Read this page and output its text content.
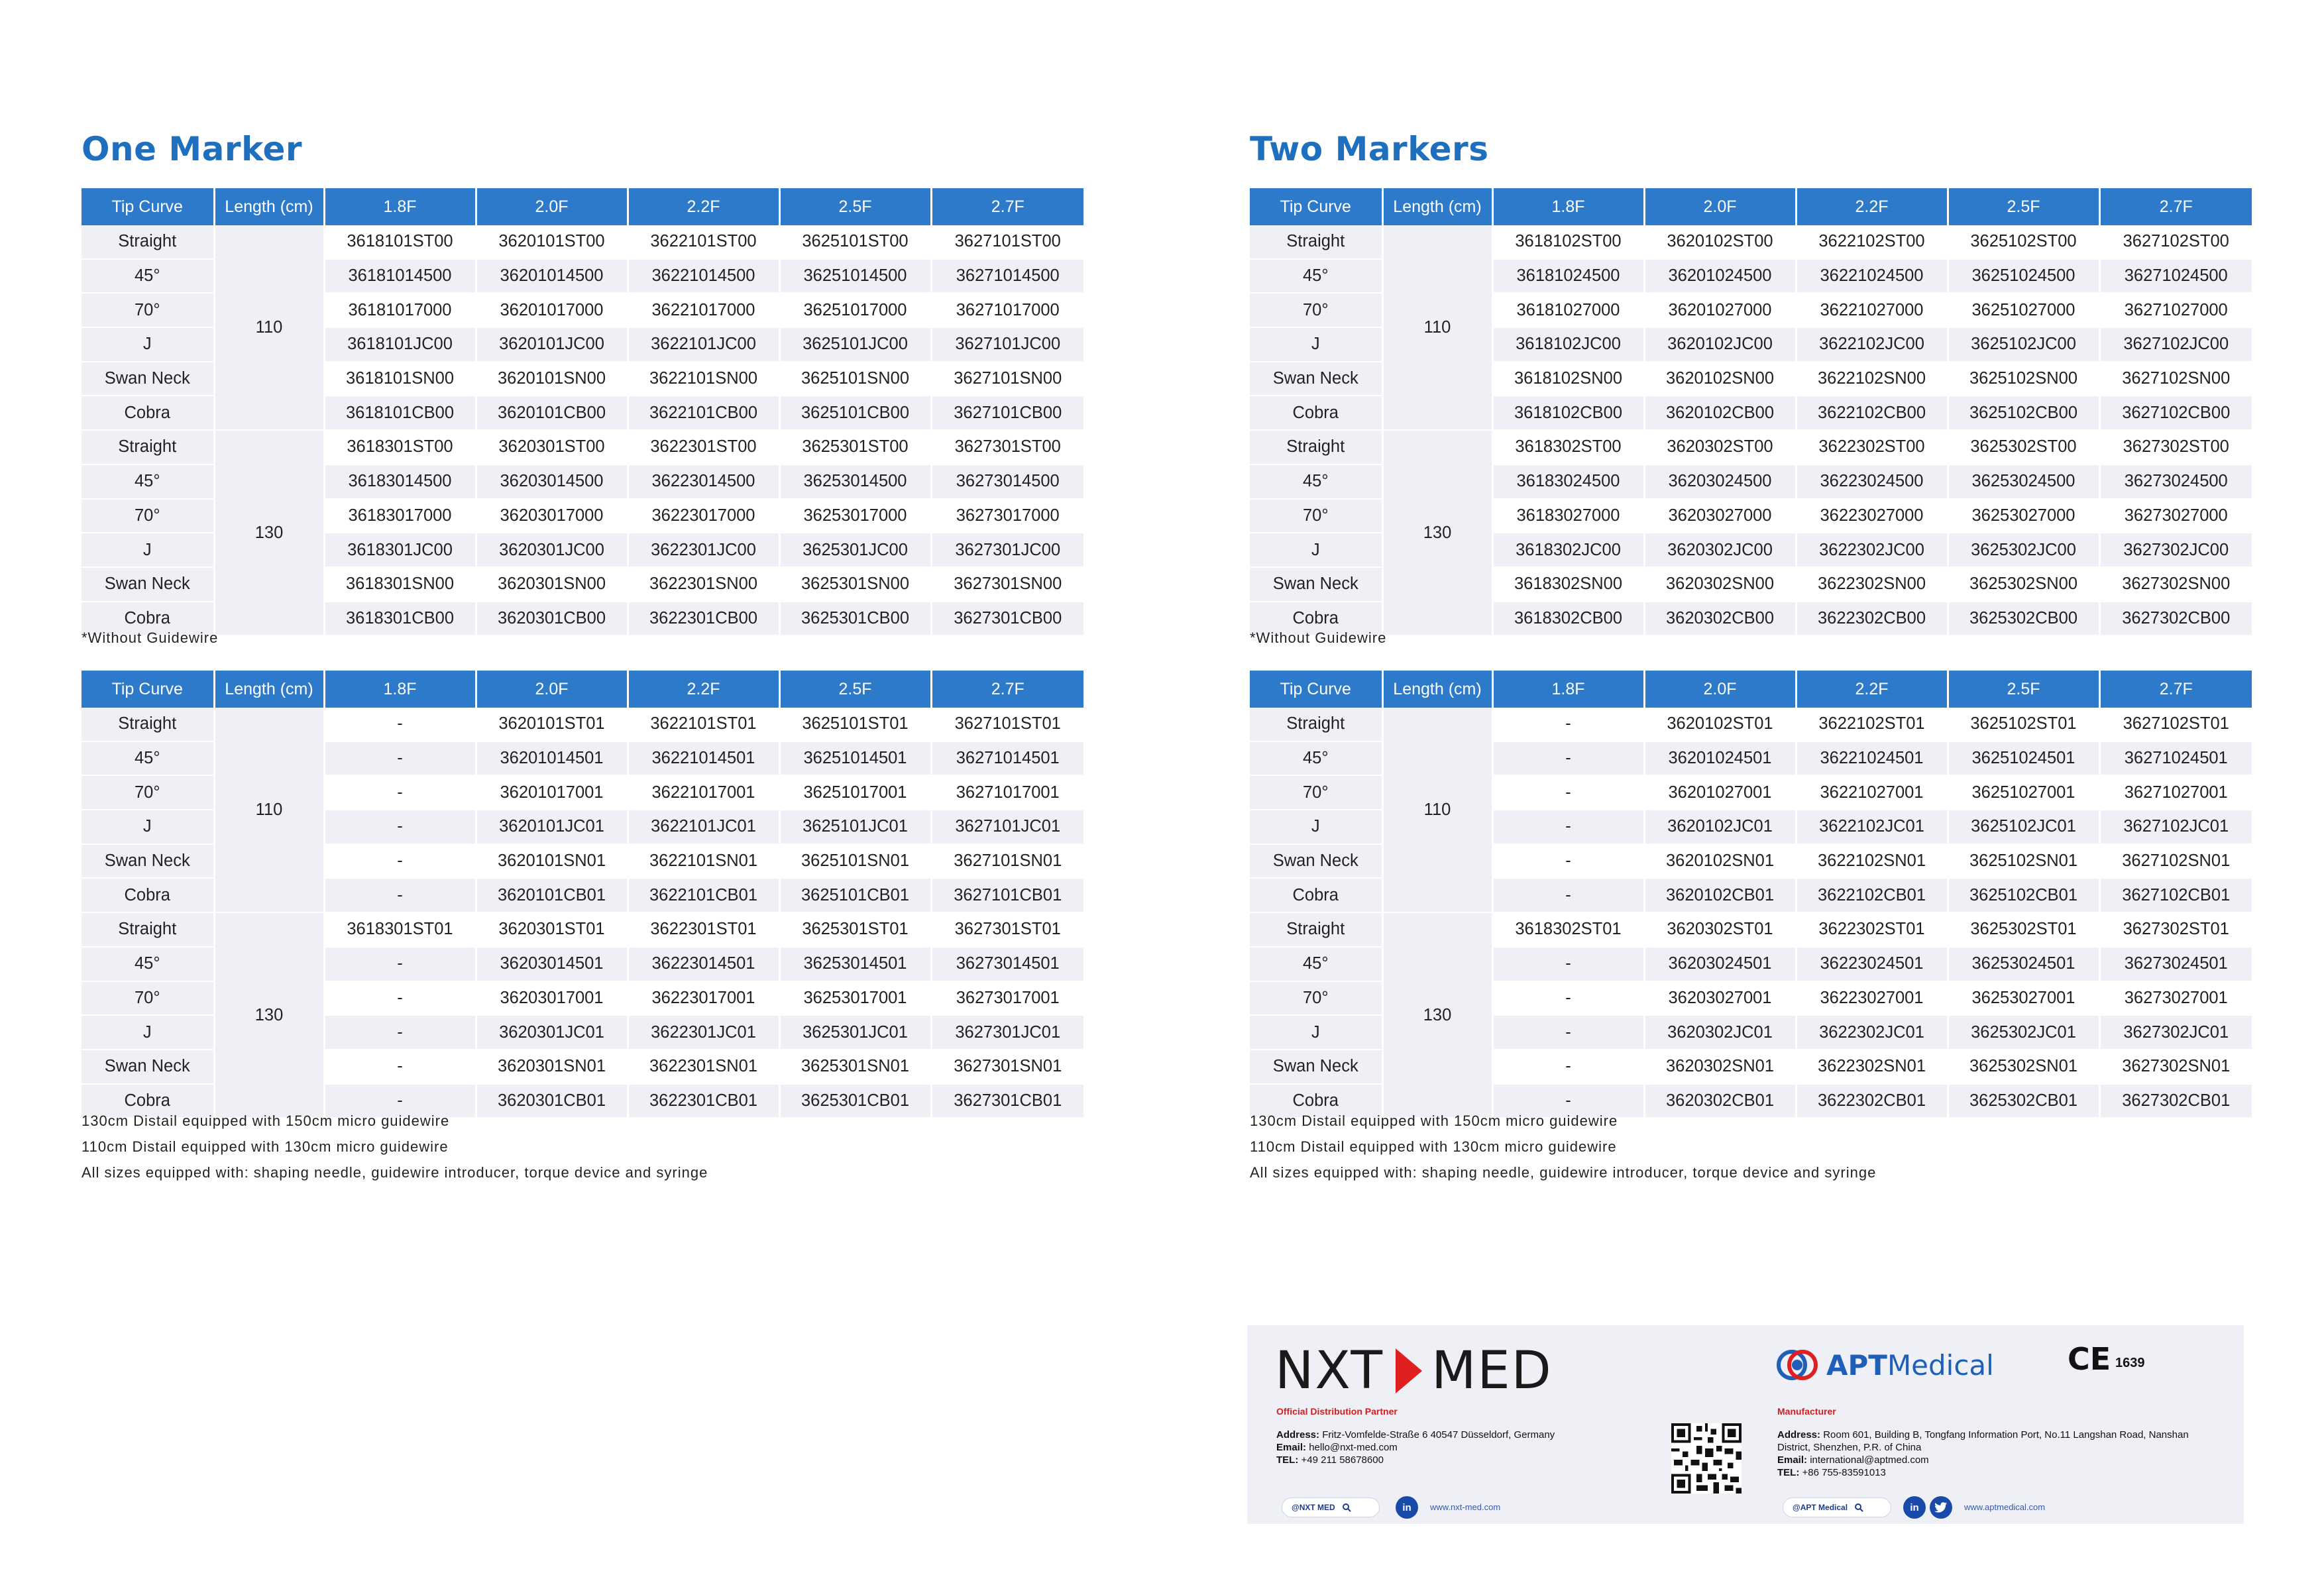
One Marker
Tip Curve	Length (cm)	1.8F	2.0F	2.2F	2.5F	2.7F
Straight	110	3618101ST00	3620101ST00	3622101ST00	3625101ST00	3627101ST00
45°		36181014500	36201014500	36221014500	36251014500	36271014500
70°		36181017000	36201017000	36221017000	36251017000	36271017000
J		3618101JC00	3620101JC00	3622101JC00	3625101JC00	3627101JC00
Swan Neck		3618101SN00	3620101SN00	3622101SN00	3625101SN00	3627101SN00
Cobra		3618101CB00	3620101CB00	3622101CB00	3625101CB00	3627101CB00
Straight	130	3618301ST00	3620301ST00	3622301ST00	3625301ST00	3627301ST00
45°		36183014500	36203014500	36223014500	36253014500	36273014500
70°		36183017000	36203017000	36223017000	36253017000	36273017000
J		3618301JC00	3620301JC00	3622301JC00	3625301JC00	3627301JC00
Swan Neck		3618301SN00	3620301SN00	3622301SN00	3625301SN00	3627301SN00
Cobra		3618301CB00	3620301CB00	3622301CB00	3625301CB00	3627301CB00
Tip Curve	Length (cm)	1.8F	2.0F	2.2F	2.5F	2.7F
Straight	110	-	3620101ST01	3622101ST01	3625101ST01	3627101ST01
45°		-	36201014501	36221014501	36251014501	36271014501
70°		-	36201017001	36221017001	36251017001	36271017001
J		-	3620101JC01	3622101JC01	3625101JC01	3627101JC01
Swan Neck		-	3620101SN01	3622101SN01	3625101SN01	3627101SN01
Cobra		-	3620101CB01	3622101CB01	3625101CB01	3627101CB01
Straight	130	3618301ST01	3620301ST01	3622301ST01	3625301ST01	3627301ST01
45°		-	36203014501	36223014501	36253014501	36273014501
70°		-	36203017001	36223017001	36253017001	36273017001
J		-	3620301JC01	3622301JC01	3625301JC01	3627301JC01
Swan Neck		-	3620301SN01	3622301SN01	3625301SN01	3627301SN01
Cobra		-	3620301CB01	3622301CB01	3625301CB01	3627301CB01
*Without Guidewire
130cm Distail equipped with 150cm micro guidewire
110cm Distail equipped with 130cm micro guidewire
All sizes equipped with: shaping needle, guidewire introducer, torque device and syringe
Two Markers
Tip Curve	Length (cm)	1.8F	2.0F	2.2F	2.5F	2.7F
Straight	110	3618102ST00	3620102ST00	3622102ST00	3625102ST00	3627102ST00
45°		36181024500	36201024500	36221024500	36251024500	36271024500
70°		36181027000	36201027000	36221027000	36251027000	36271027000
J		3618102JC00	3620102JC00	3622102JC00	3625102JC00	3627102JC00
Swan Neck		3618102SN00	3620102SN00	3622102SN00	3625102SN00	3627102SN00
Cobra		3618102CB00	3620102CB00	3622102CB00	3625102CB00	3627102CB00
Straight	130	3618302ST00	3620302ST00	3622302ST00	3625302ST00	3627302ST00
45°		36183024500	36203024500	36223024500	36253024500	36273024500
70°		36183027000	36203027000	36223027000	36253027000	36273027000
J		3618302JC00	3620302JC00	3622302JC00	3625302JC00	3627302JC00
Swan Neck		3618302SN00	3620302SN00	3622302SN00	3625302SN00	3627302SN00
Cobra		3618302CB00	3620302CB00	3622302CB00	3625302CB00	3627302CB00
Tip Curve	Length (cm)	1.8F	2.0F	2.2F	2.5F	2.7F
Straight	110	-	3620102ST01	3622102ST01	3625102ST01	3627102ST01
45°		-	36201024501	36221024501	36251024501	36271024501
70°		-	36201027001	36221027001	36251027001	36271027001
J		-	3620102JC01	3622102JC01	3625102JC01	3627102JC01
Swan Neck		-	3620102SN01	3622102SN01	3625102SN01	3627102SN01
Cobra		-	3620102CB01	3622102CB01	3625102CB01	3627102CB01
Straight	130	3618302ST01	3620302ST01	3622302ST01	3625302ST01	3627302ST01
45°		-	36203024501	36223024501	36253024501	36273024501
70°		-	36203027001	36223027001	36253027001	36273027001
J		-	3620302JC01	3622302JC01	3625302JC01	3627302JC01
Swan Neck		-	3620302SN01	3622302SN01	3625302SN01	3627302SN01
Cobra		-	3620302CB01	3622302CB01	3625302CB01	3627302CB01
*Without Guidewire
130cm Distail equipped with 150cm micro guidewire
110cm Distail equipped with 130cm micro guidewire
All sizes equipped with: shaping needle, guidewire introducer, torque device and syringe
NXT MED
Official Distribution Partner
Address: Fritz-Vomfelde-Straße 6 40547 Düsseldorf, Germany
Email: hello@nxt-med.com
TEL: +49 211 58678600
@NXT MED	in	www.nxt-med.com
APTMedical CE 1639
Manufacturer
Address: Room 601, Building B, Tongfang Information Port, No.11 Langshan Road, Nanshan District, Shenzhen, P.R. of China
Email: international@aptmed.com
TEL: +86 755-83591013
@APT Medical	in	www.aptmedical.com
